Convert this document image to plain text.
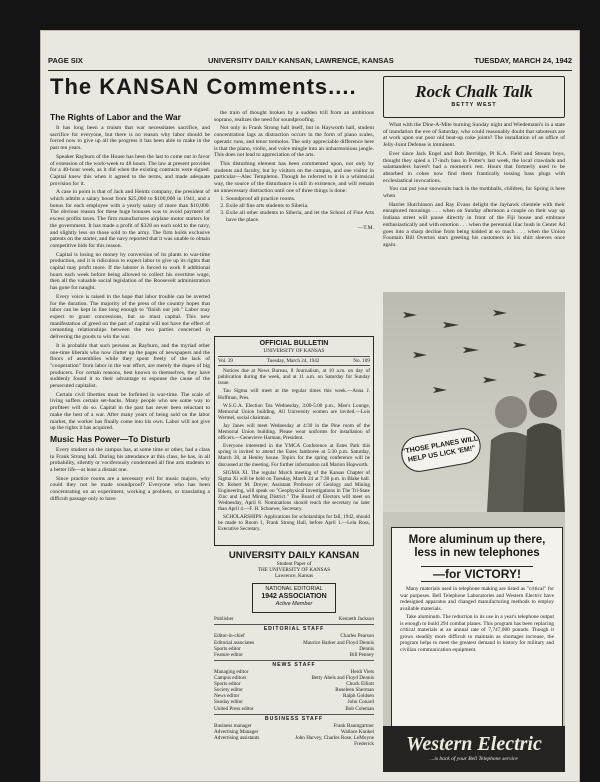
PAGE SIX	UNIVERSITY DAILY KANSAN, LAWRENCE, KANSAS	TUESDAY, MARCH 24, 1942
The KANSAN Comments....
The Rights of Labor and the War

It has long been a truism that war necessitates sacrifice, and sacrifice for everyone, but there is no reason why labor should be forced now to give up all the progress it has been able to make in the past ten years.

Speaker Rayburn of the House has been the last to come out in favor of extension of the work-week to 48 hours. The law at present provides for a 40-hour week, as it did when the existing contracts were signed. Capital knew this when it agreed to the terms, and made adequate provision for it.

A case in point is that of Jack and Heintz company, the president of which admits a salary boost from $25,000 to $100,000 in 1941, and a bonus for each employee with a yearly salary of more than $10,000. The obvious reason for these huge bonuses was to avoid payment of excess profits taxes. The firm manufactures airplane motor starters for the government. It has made a profit of $328 on each sold to the navy, and slightly less on those sold to the army. The firm holds exclusive patents on the starter, and the navy reported that it was unable to obtain competitive bids for this reason.

Capital is losing no money by conversion of its plants to war-time production, and it is ridiculous to expect labor to give up its rights that capital may profit more. If the laborer is forced to work 8 additional hours each week before being allowed to collect his overtime wage, then all the valuable social legislation of the Roosevelt administration has gone for naught.

Every voice is raised in the hope that labor trouble can be averted for the duration. The majority of the press of the country hopes that labor can be kept in line long enough to "finish our job." Labor may expect to grant concessions, but so must capital. This new manifestation of greed on the part of capital will not have the effect of cementing relationships between the two parties concerned in delivering the goods to win the war.

It is probable that such persons as Rayburn, and the myriad other one-time liberals who now clutter up the pages of newspapers and the floors of assemblies while they spout freely of the lack of "cooperation" from labor in the war effort, are merely the dupes of big producers. For certain reasons, best known to themselves, they have suddenly found it to their advantage to espouse the cause of the persecuted capitalist.

Certain civil liberties must be forfeited in war-time. The scale of living suffers certain set-backs. Many people who see some way to profiteer will do so. Capital in the past has never been reluctant to make the best of a war. After many years of being sold on the labor market, the worker has finally come into his own. Labor will not give up the rights it has acquired.

Music Has Power—To Disturb

Every student on the campus has, at some time or other, had a class in Frank Strong hall. During his attendance at this class, he has, in all probability, silently or vociferously condemned all fine arts students to a better life—at least a distant one.

Since practice rooms are a necessary evil for music majors, why could they not be made soundproof? Everyone who has been concentrating on an experiment, working a problem, or translating a difficult passage only to have

the train of thought broken by a sudden trill from an ambitious soprano, realizes the need for soundproofing.

Not only in Frank Strong hall itself, but in Hayworth hall, student concentration lags as distraction occurs in the form of piano scales, operatic runs, and tenor tremolos. The only appreciable difference here is that the piano, violin, and voice mingle into an unharmonious jangle. This does not lead to appreciation of the arts.

This disturbing element has been commented upon, not only by students and faculty, but by visitors on the campus, and one visitor in particular—Alec Templeton. Though he referred to it in a whimsical way, the source of the disturbance is still in existence, and will remain an unnecessary distraction until one of three things is done:

1. Soundproof all practice rooms.
2. Exile all fine arts students to Siberia.
3. Exile all other students to Siberia, and let the School of Fine Arts have the place.
—T.M.
OFFICIAL BULLETIN
UNIVERSITY OF KANSAS
Vol. 39	Tuesday, March 24, 1942	No. 109

Notices due at News Bureau, 8 Journalism, at 10 a.m. on day of publication during the week, and at 11 a.m. on Saturday for Sunday issue.

Tau Sigma will meet at the regular times this week.—Anna J. Hoffman, Pres.

W.S.G.A. Election Tea Wednesday, 3:00-5:00 p.m., Men's Lounge, Memorial Union building. All University women are invited.—Lois Wermel, social chairman.

Jay Janes will meet Wednesday at 4:30 in the Pine room of the Memorial Union building. Please wear uniforms for installation of officers.—Genevieve Harman, President.

Everyone interested in the YMCA Conference at Estes Park this spring is invited to attend the Estes Jamboree at 5:30 p.m. Saturday, March 28, at Henley house. Topics for the spring conference will be discussed at the meeting. For further information call Marion Hopworth.

SIGMA XI. The regular March meeting of the Kansas Chapter of Sigma Xi will be held on Tuesday, March 24 at 7:30 p.m. in Blake hall. Dr. Robert M. Dreyer, Assistant Professor of Geology and Mining Engineering, will speak on "Geophysical Investigations in The Tri-State Zinc and Lead Mining District." The Board of Electors will meet on Wednesday, April 8. Nominations should reach the secretary no later than April 4.—F. H. Schoewe, Secretary.

SCHOLARSHIPS: Applications for scholarships for fall, 1942, should be made to Room 1, Frank Strong Hall, before April 1.—Lela Ross, Executive Secretary.

UNIVERSITY DAILY KANSAN
Student Paper of
THE UNIVERSITY OF KANSAS
Lawrence, Kansas
NATIONAL EDITORIAL
1942 ASSOCIATION
Active Member
Publisher	Kenneth Jackson
EDITORIAL STAFF
Editor-in-chief	Charles Pearson
Editorial associates	Maurice Barker and Floyd Dennis
Sports editor	Dennis
Feature editor	Bill Penney
NEWS STAFF
Managing editor	Heidi Viets
Campus editors	Betty Abels and Floyd Dennis
Sports editor	Chuck Elliott
Society editor	Roseleen Sherman
News editor	Ralph Goldsen
Sunday editor	John Conard
United Press editor	Bob Coleman
BUSINESS STAFF
Business manager	Frank Baumgartner
Advertising Manager	Wallace Kunkel
Advertising assistants	John Harvey, Charles Rose, LeMoyne Frederick
Rock Chalk Talk
BETTY WEST

What with the Dine-A-Mite burning Sunday night and Wiedemann's in a state of inundation the eve of Saturday, who could reasonably doubt that saboteurs are at work upon our poor old beat-up coke joints? The installation of an office of Jelly-Joint Defense is imminent.

Ever since Jack Engel and Bob Berridge, Pi K.A. Field and Stream boys, thought they spied a 17-inch bass in Potter's last week, the local crawdads and salamanders haven't had a moment's rest. Hours that formerly used to be absorbed in cokes now find them frantically tossing bass plugs with ecclesiastical invocations.

You can put your snowsuits back in the mothballs, children, for Spring is here when

Harriet Hutchinson and Ray Evans delight the Jayhawk clientele with their enraptured mousings . . . when on Sunday afternoon a couple on their way up Indiana street will pause directly in front of the Fiji house and embrace enthusiastically and with emotion . . . when the perennial lilac bush in Center Ad goes into a sharp decline from being kidded at so much . . . when the Union Fountain Bill Overton stars greeting his customers in his shirt sleeves once again.

"THOSE PLANES WILL HELP US LICK 'EM!"
More aluminum up there, less in new telephones
—for VICTORY!

Many materials used in telephone making are listed as "critical" for war purposes. Bell Telephone Laboratories and Western Electric have redesigned apparatus and changed manufacturing methods to employ available materials.

Take aluminum. The reduction in its use in a year's telephone output is enough to build 294 combat planes. This program has been replacing critical materials at an annual rate of 7,747,000 pounds. Though it grows steadily more difficult to maintain as shortages increase, the program helps to meet the greatest demand in history for military and civilian communication equipment.

Western Electric
...is back of your Bell Telephone service
